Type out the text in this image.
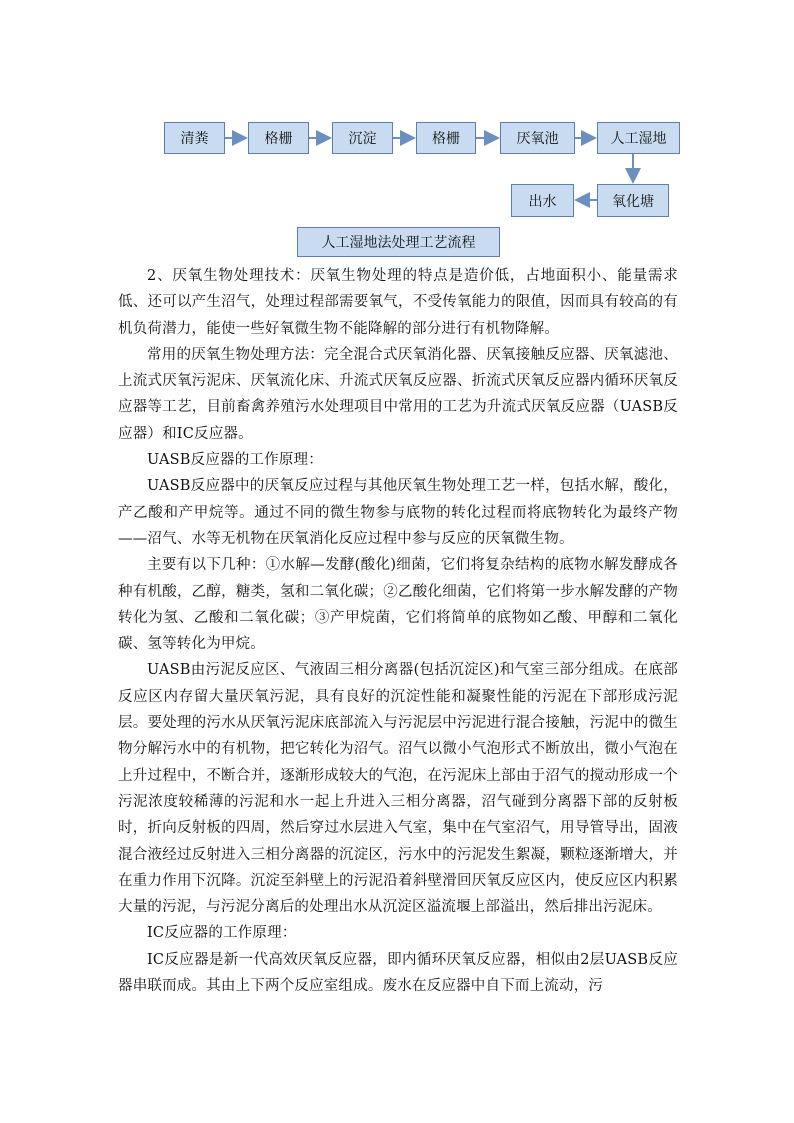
清粪	格栅	沉淀	格栅	厌氧池	人工湿地
氧化塘
出水
人工湿地法处理工艺流程

2、厌氧生物处理技术：厌氧生物处理的特点是造价低，占地面积小、能量需求低、还可以产生沼气，处理过程部需要氧气，不受传氧能力的限值，因而具有较高的有机负荷潜力，能使一些好氧微生物不能降解的部分进行有机物降解。

常用的厌氧生物处理方法：完全混合式厌氧消化器、厌氧接触反应器、厌氧滤池、上流式厌氧污泥床、厌氧流化床、升流式厌氧反应器、折流式厌氧反应器内循环厌氧反应器等工艺，目前畜禽养殖污水处理项目中常用的工艺为升流式厌氧反应器（UASB反应器）和IC反应器。

UASB反应器的工作原理：

UASB反应器中的厌氧反应过程与其他厌氧生物处理工艺一样，包括水解，酸化，产乙酸和产甲烷等。通过不同的微生物参与底物的转化过程而将底物转化为最终产物——沼气、水等无机物在厌氧消化反应过程中参与反应的厌氧微生物。

主要有以下几种：①水解—发酵(酸化)细菌，它们将复杂结构的底物水解发酵成各种有机酸，乙醇，糖类，氢和二氧化碳；②乙酸化细菌，它们将第一步水解发酵的产物转化为氢、乙酸和二氧化碳；③产甲烷菌，它们将简单的底物如乙酸、甲醇和二氧化碳、氢等转化为甲烷。

UASB由污泥反应区、气液固三相分离器(包括沉淀区)和气室三部分组成。在底部反应区内存留大量厌氧污泥，具有良好的沉淀性能和凝聚性能的污泥在下部形成污泥层。要处理的污水从厌氧污泥床底部流入与污泥层中污泥进行混合接触，污泥中的微生物分解污水中的有机物，把它转化为沼气。沼气以微小气泡形式不断放出，微小气泡在上升过程中，不断合并，逐渐形成较大的气泡，在污泥床上部由于沼气的搅动形成一个污泥浓度较稀薄的污泥和水一起上升进入三相分离器，沼气碰到分离器下部的反射板时，折向反射板的四周，然后穿过水层进入气室，集中在气室沼气，用导管导出，固液混合液经过反射进入三相分离器的沉淀区，污水中的污泥发生絮凝，颗粒逐渐增大，并在重力作用下沉降。沉淀至斜壁上的污泥沿着斜壁滑回厌氧反应区内，使反应区内积累大量的污泥，与污泥分离后的处理出水从沉淀区溢流堰上部溢出，然后排出污泥床。

IC反应器的工作原理：

IC反应器是新一代高效厌氧反应器，即内循环厌氧反应器，相似由2层UASB反应器串联而成。其由上下两个反应室组成。废水在反应器中自下而上流动，污
